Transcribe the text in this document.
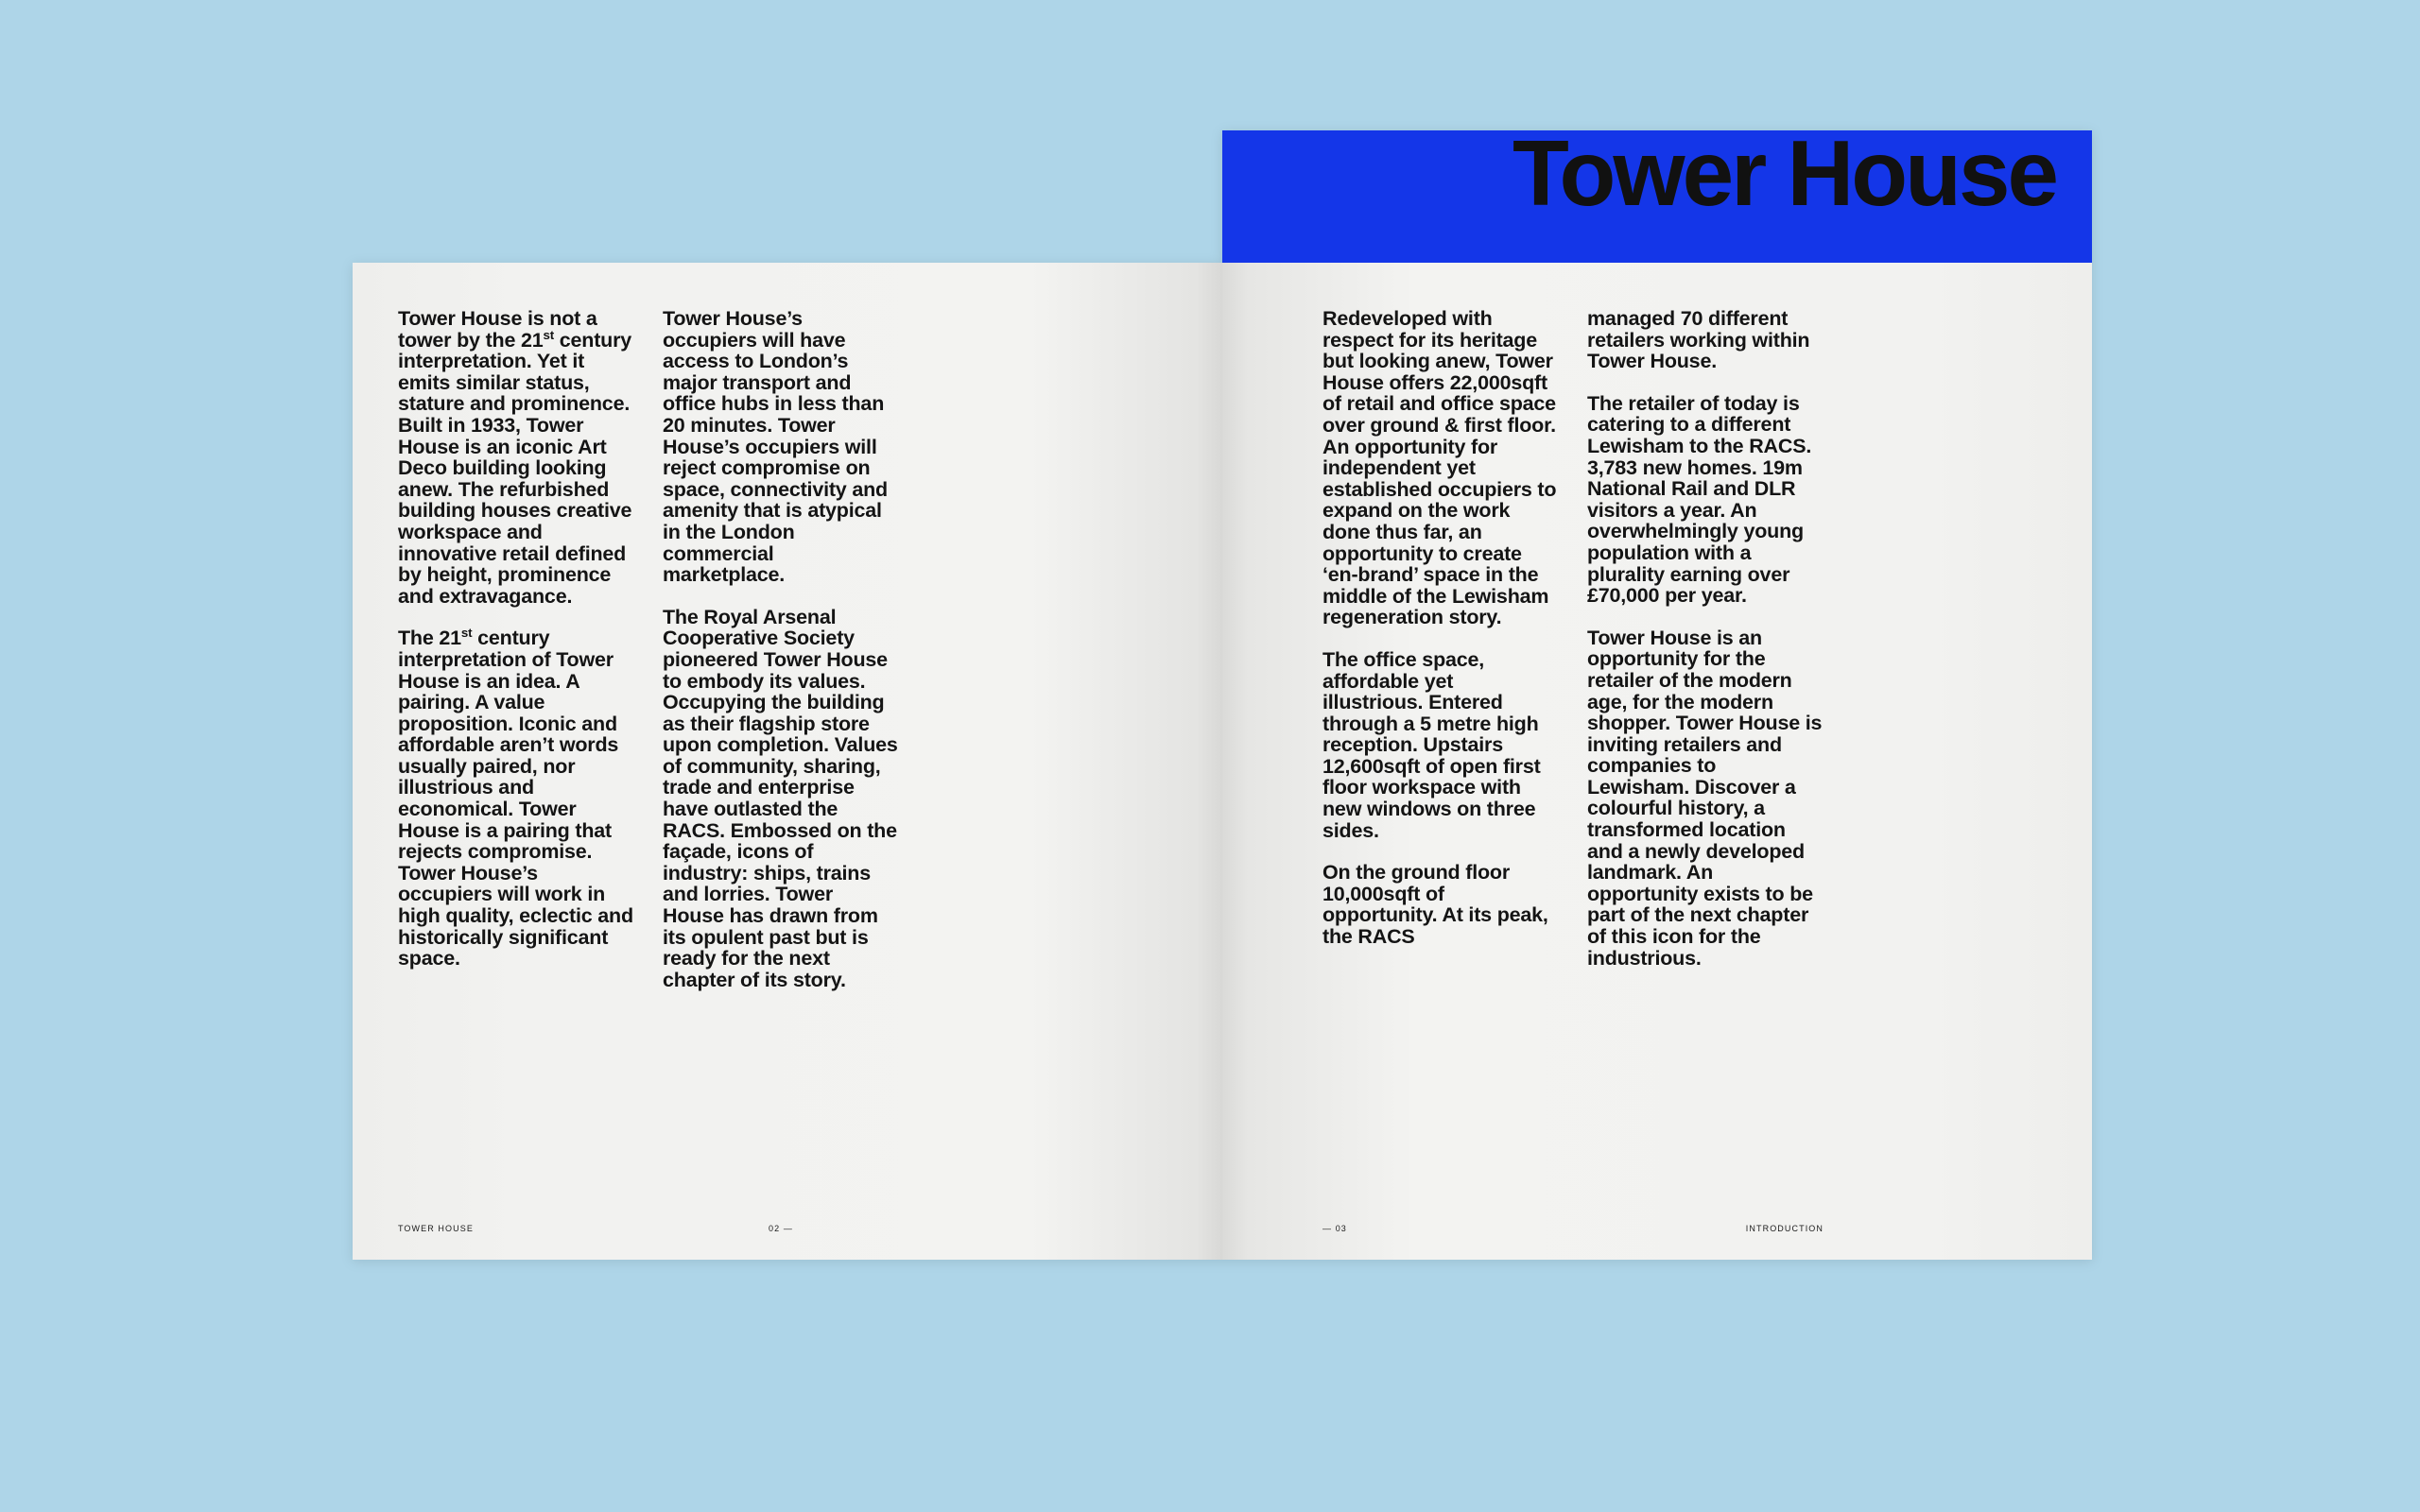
Tower House is not a tower by the 21st century interpretation. Yet it emits similar status, stature and prominence. Built in 1933, Tower House is an iconic Art Deco building looking anew. The refurbished building houses creative workspace and innovative retail defined by height, prominence and extravagance.

The 21st century interpretation of Tower House is an idea. A pairing. A value proposition. Iconic and affordable aren’t words usually paired, nor illustrious and economical. Tower House is a pairing that rejects compromise. Tower House’s occupiers will work in high quality, eclectic and historically significant space.

Tower House’s occupiers will have access to London’s major transport and office hubs in less than 20 minutes. Tower House’s occupiers will reject compromise on space, connectivity and amenity that is atypical in the London commercial marketplace.

The Royal Arsenal Cooperative Society pioneered Tower House to embody its values. Occupying the building as their flagship store upon completion. Values of community, sharing, trade and enterprise have outlasted the RACS. Embossed on the façade, icons of industry: ships, trains and lorries. Tower House has drawn from its opulent past but is ready for the next chapter of its story.

TOWER HOUSE	02 —
Tower House

Redeveloped with respect for its heritage but looking anew, Tower House offers 22,000sqft of retail and office space over ground & first floor. An opportunity for independent yet established occupiers to expand on the work done thus far, an opportunity to create ‘en-brand’ space in the middle of the Lewisham regeneration story.

The office space, affordable yet illustrious. Entered through a 5 metre high reception. Upstairs 12,600sqft of open first floor workspace with new windows on three sides.

On the ground floor 10,000sqft of opportunity. At its peak, the RACS

managed 70 different retailers working within Tower House.

The retailer of today is catering to a different Lewisham to the RACS. 3,783 new homes. 19m National Rail and DLR visitors a year. An overwhelmingly young population with a plurality earning over £70,000 per year.

Tower House is an opportunity for the retailer of the modern age, for the modern shopper. Tower House is inviting retailers and companies to Lewisham. Discover a colourful history, a transformed location and a newly developed landmark. An opportunity exists to be part of the next chapter of this icon for the industrious.

— 03	INTRODUCTION
